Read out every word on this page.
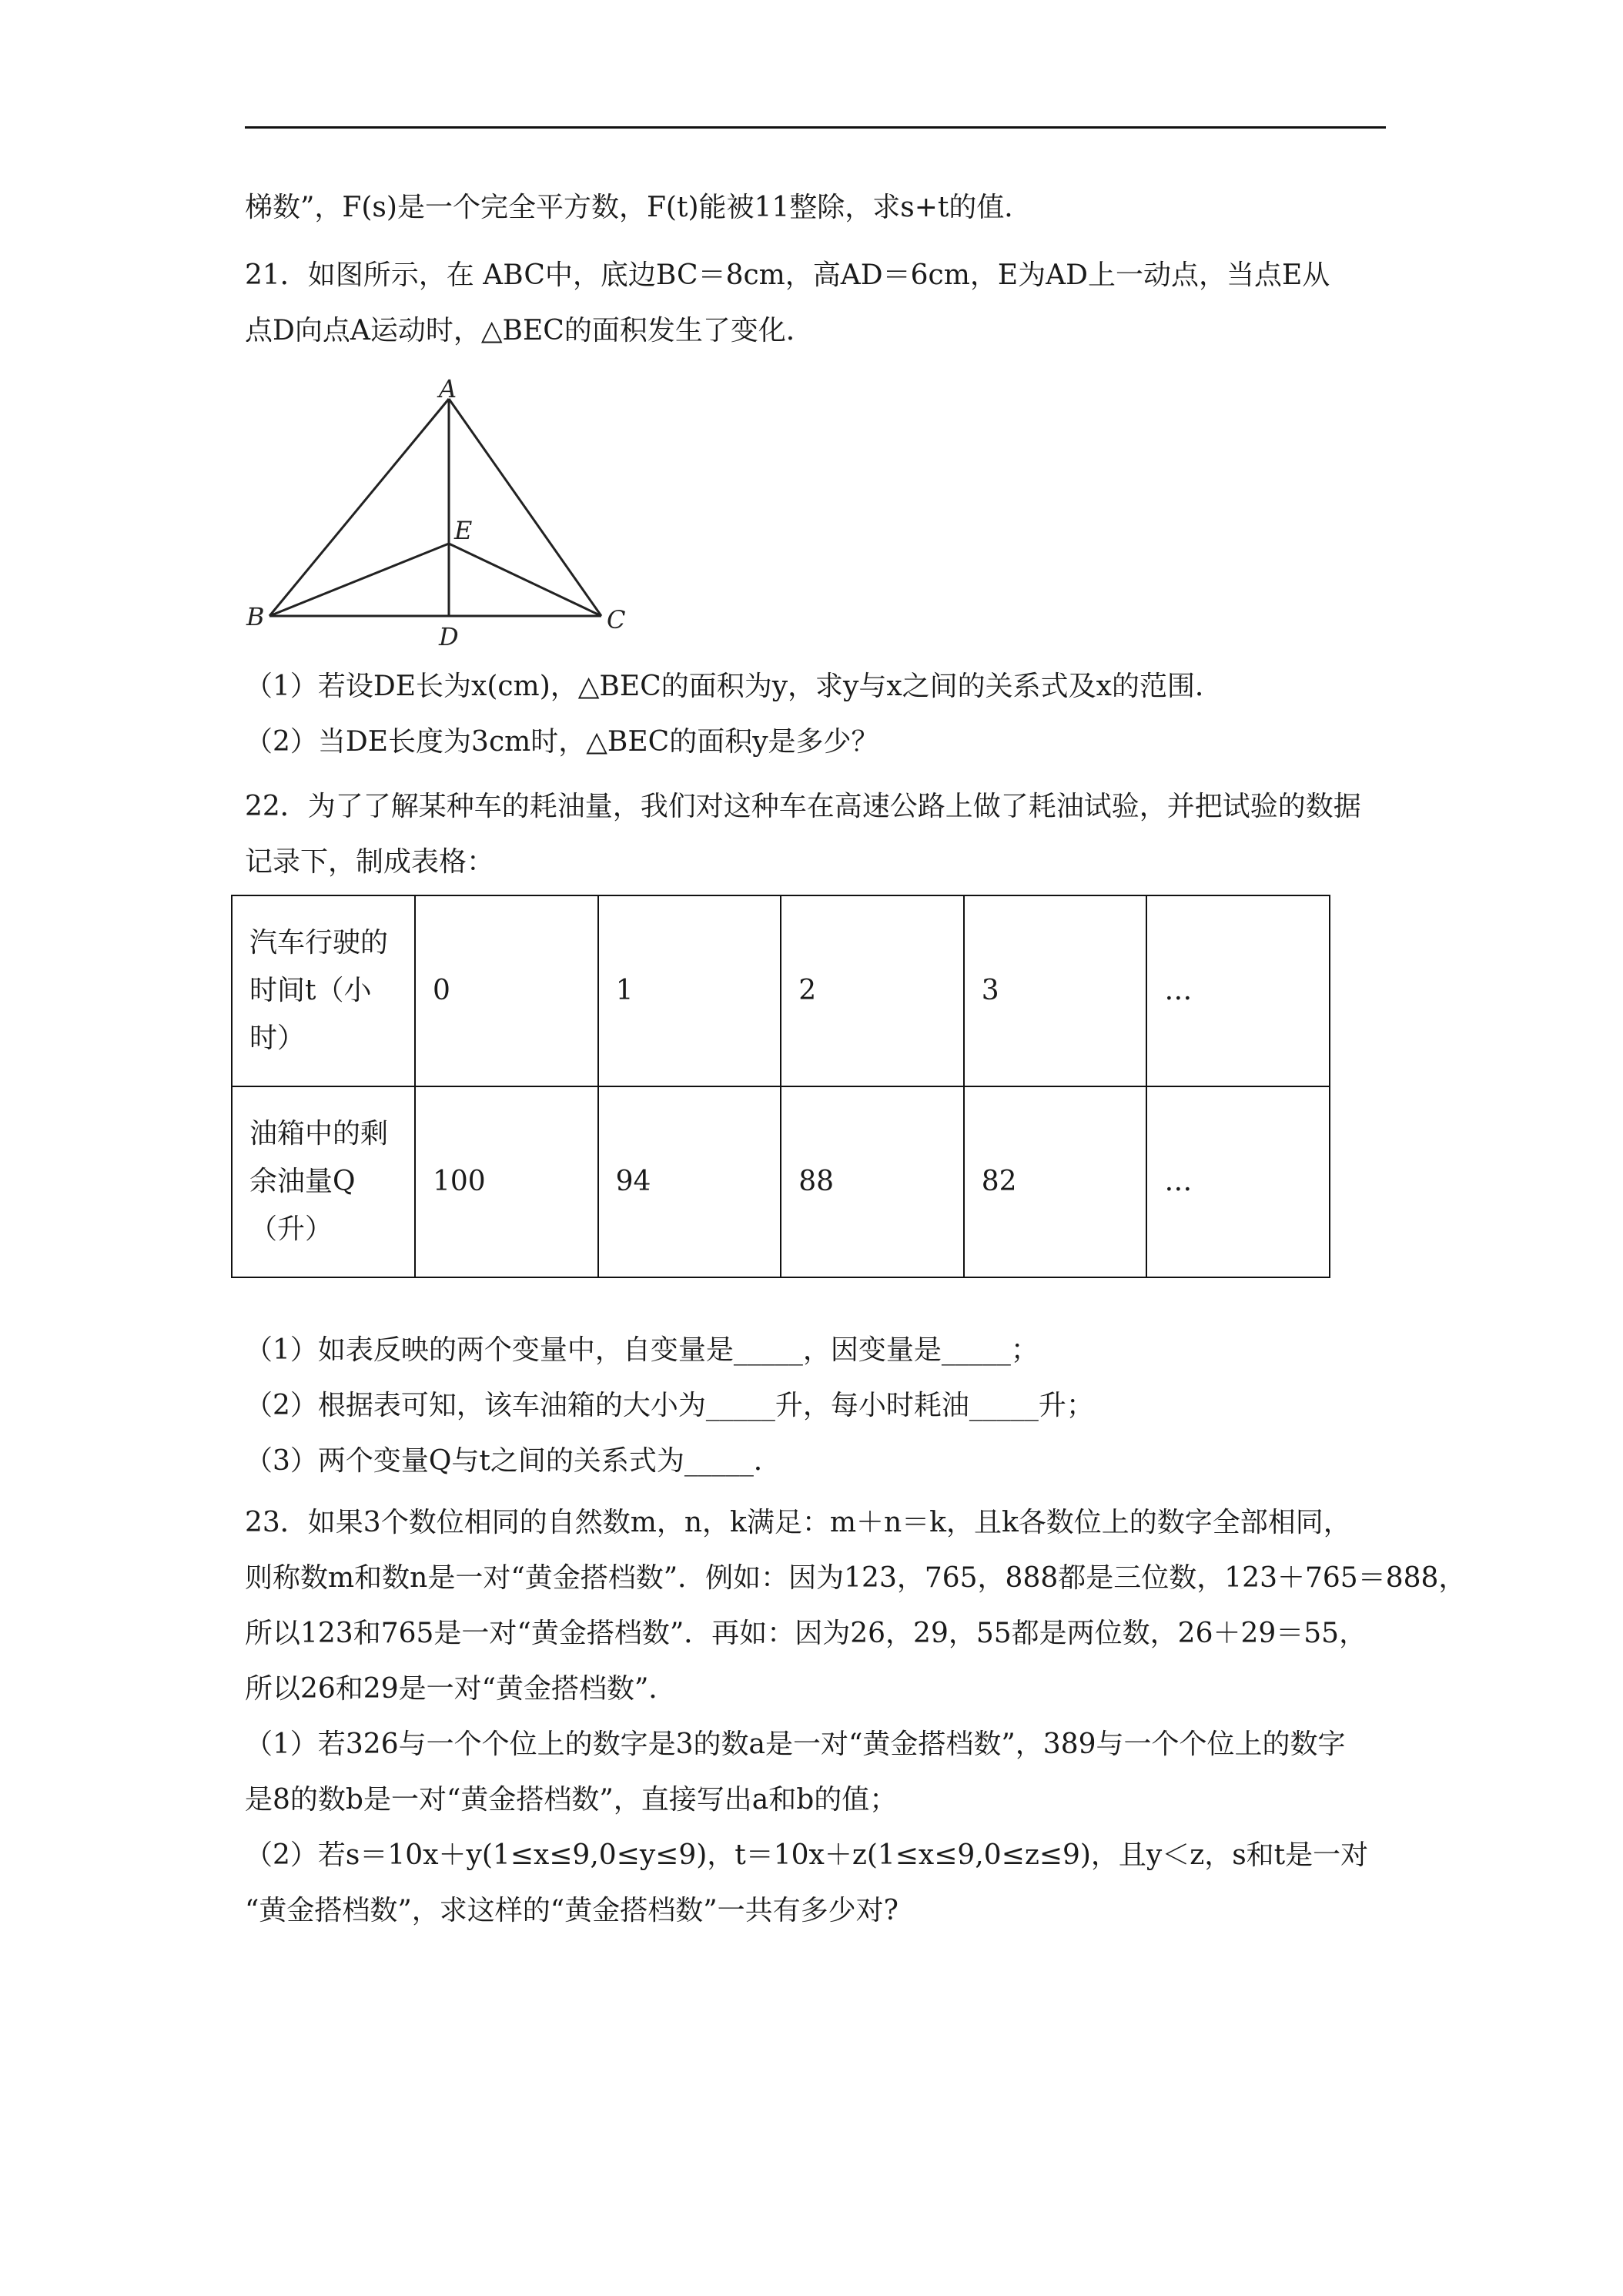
梯数”，F(s)是一个完全平方数，F(t)能被11整除，求s+t的值．
21．如图所示，在 ABC中，底边BC＝8cm，高AD＝6cm，E为AD上一动点，当点E从
点D向点A运动时，△BEC的面积发生了变化．
A
B	C
D
E
（1）若设DE长为x(cm)，△BEC的面积为y，求y与x之间的关系式及x的范围．
（2）当DE长度为3cm时，△BEC的面积y是多少？
22．为了了解某种车的耗油量，我们对这种车在高速公路上做了耗油试验，并把试验的数据
记录下，制成表格：
汽车行驶的
时间t（小
时）	0	1	2	3	…

油箱中的剩
余油量Q
（升）	100	94	88	82	…
（1）如表反映的两个变量中，自变量是_____，因变量是_____；
（2）根据表可知，该车油箱的大小为_____升，每小时耗油_____升；
（3）两个变量Q与t之间的关系式为_____．
23．如果3个数位相同的自然数m，n，k满足：m＋n＝k，且k各数位上的数字全部相同，
则称数m和数n是一对“黄金搭档数”．例如：因为123，765，888都是三位数，123＋765＝888，
所以123和765是一对“黄金搭档数”．再如：因为26，29，55都是两位数，26＋29＝55，
所以26和29是一对“黄金搭档数”．
（1）若326与一个个位上的数字是3的数a是一对“黄金搭档数”，389与一个个位上的数字
是8的数b是一对“黄金搭档数”，直接写出a和b的值；
（2）若s＝10x＋y(1≤x≤9,0≤y≤9)，t＝10x＋z(1≤x≤9,0≤z≤9)，且y＜z，s和t是一对
“黄金搭档数”，求这样的“黄金搭档数”一共有多少对?
